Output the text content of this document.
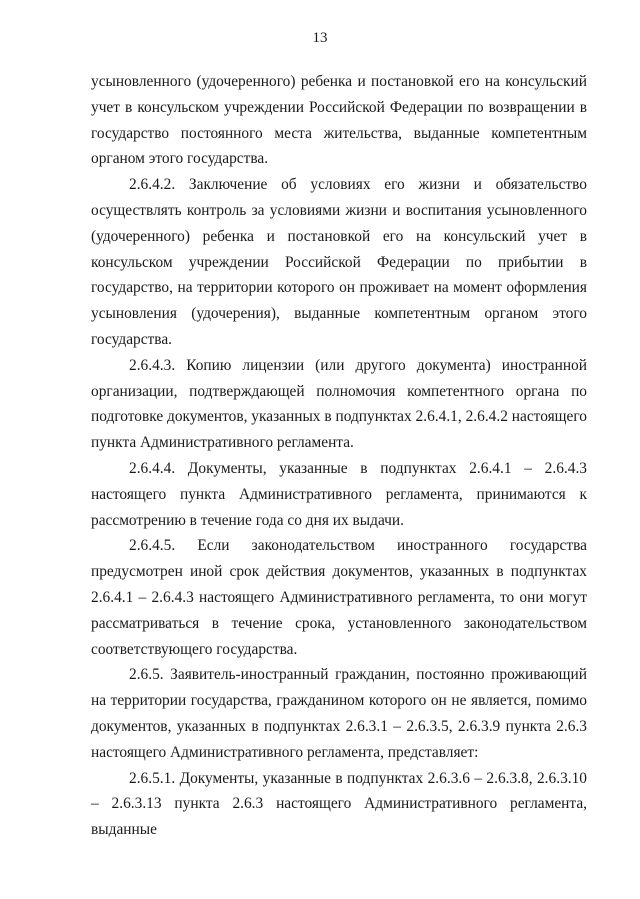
13

усыновленного (удочеренного) ребенка и постановкой его на консульский учет в консульском учреждении Российской Федерации по возвращении в государство постоянного места жительства, выданные компетентным органом этого государства.

2.6.4.2. Заключение об условиях его жизни и обязательство осуществлять контроль за условиями жизни и воспитания усыновленного (удочеренного) ребенка и постановкой его на консульский учет в консульском учреждении Российской Федерации по прибытии в государство, на территории которого он проживает на момент оформления усыновления (удочерения), выданные компетентным органом этого государства.

2.6.4.3. Копию лицензии (или другого документа) иностранной организации, подтверждающей полномочия компетентного органа по подготовке документов, указанных в подпунктах 2.6.4.1, 2.6.4.2 настоящего пункта Административного регламента.

2.6.4.4. Документы, указанные в подпунктах 2.6.4.1 – 2.6.4.3 настоящего пункта Административного регламента, принимаются к рассмотрению в течение года со дня их выдачи.

2.6.4.5. Если законодательством иностранного государства предусмотрен иной срок действия документов, указанных в подпунктах 2.6.4.1 – 2.6.4.3 настоящего Административного регламента, то они могут рассматриваться в течение срока, установленного законодательством соответствующего государства.

2.6.5. Заявитель-иностранный гражданин, постоянно проживающий на территории государства, гражданином которого он не является, помимо документов, указанных в подпунктах 2.6.3.1 – 2.6.3.5, 2.6.3.9 пункта 2.6.3 настоящего Административного регламента, представляет:

2.6.5.1. Документы, указанные в подпунктах 2.6.3.6 – 2.6.3.8, 2.6.3.10 – 2.6.3.13 пункта 2.6.3 настоящего Административного регламента, выданные
